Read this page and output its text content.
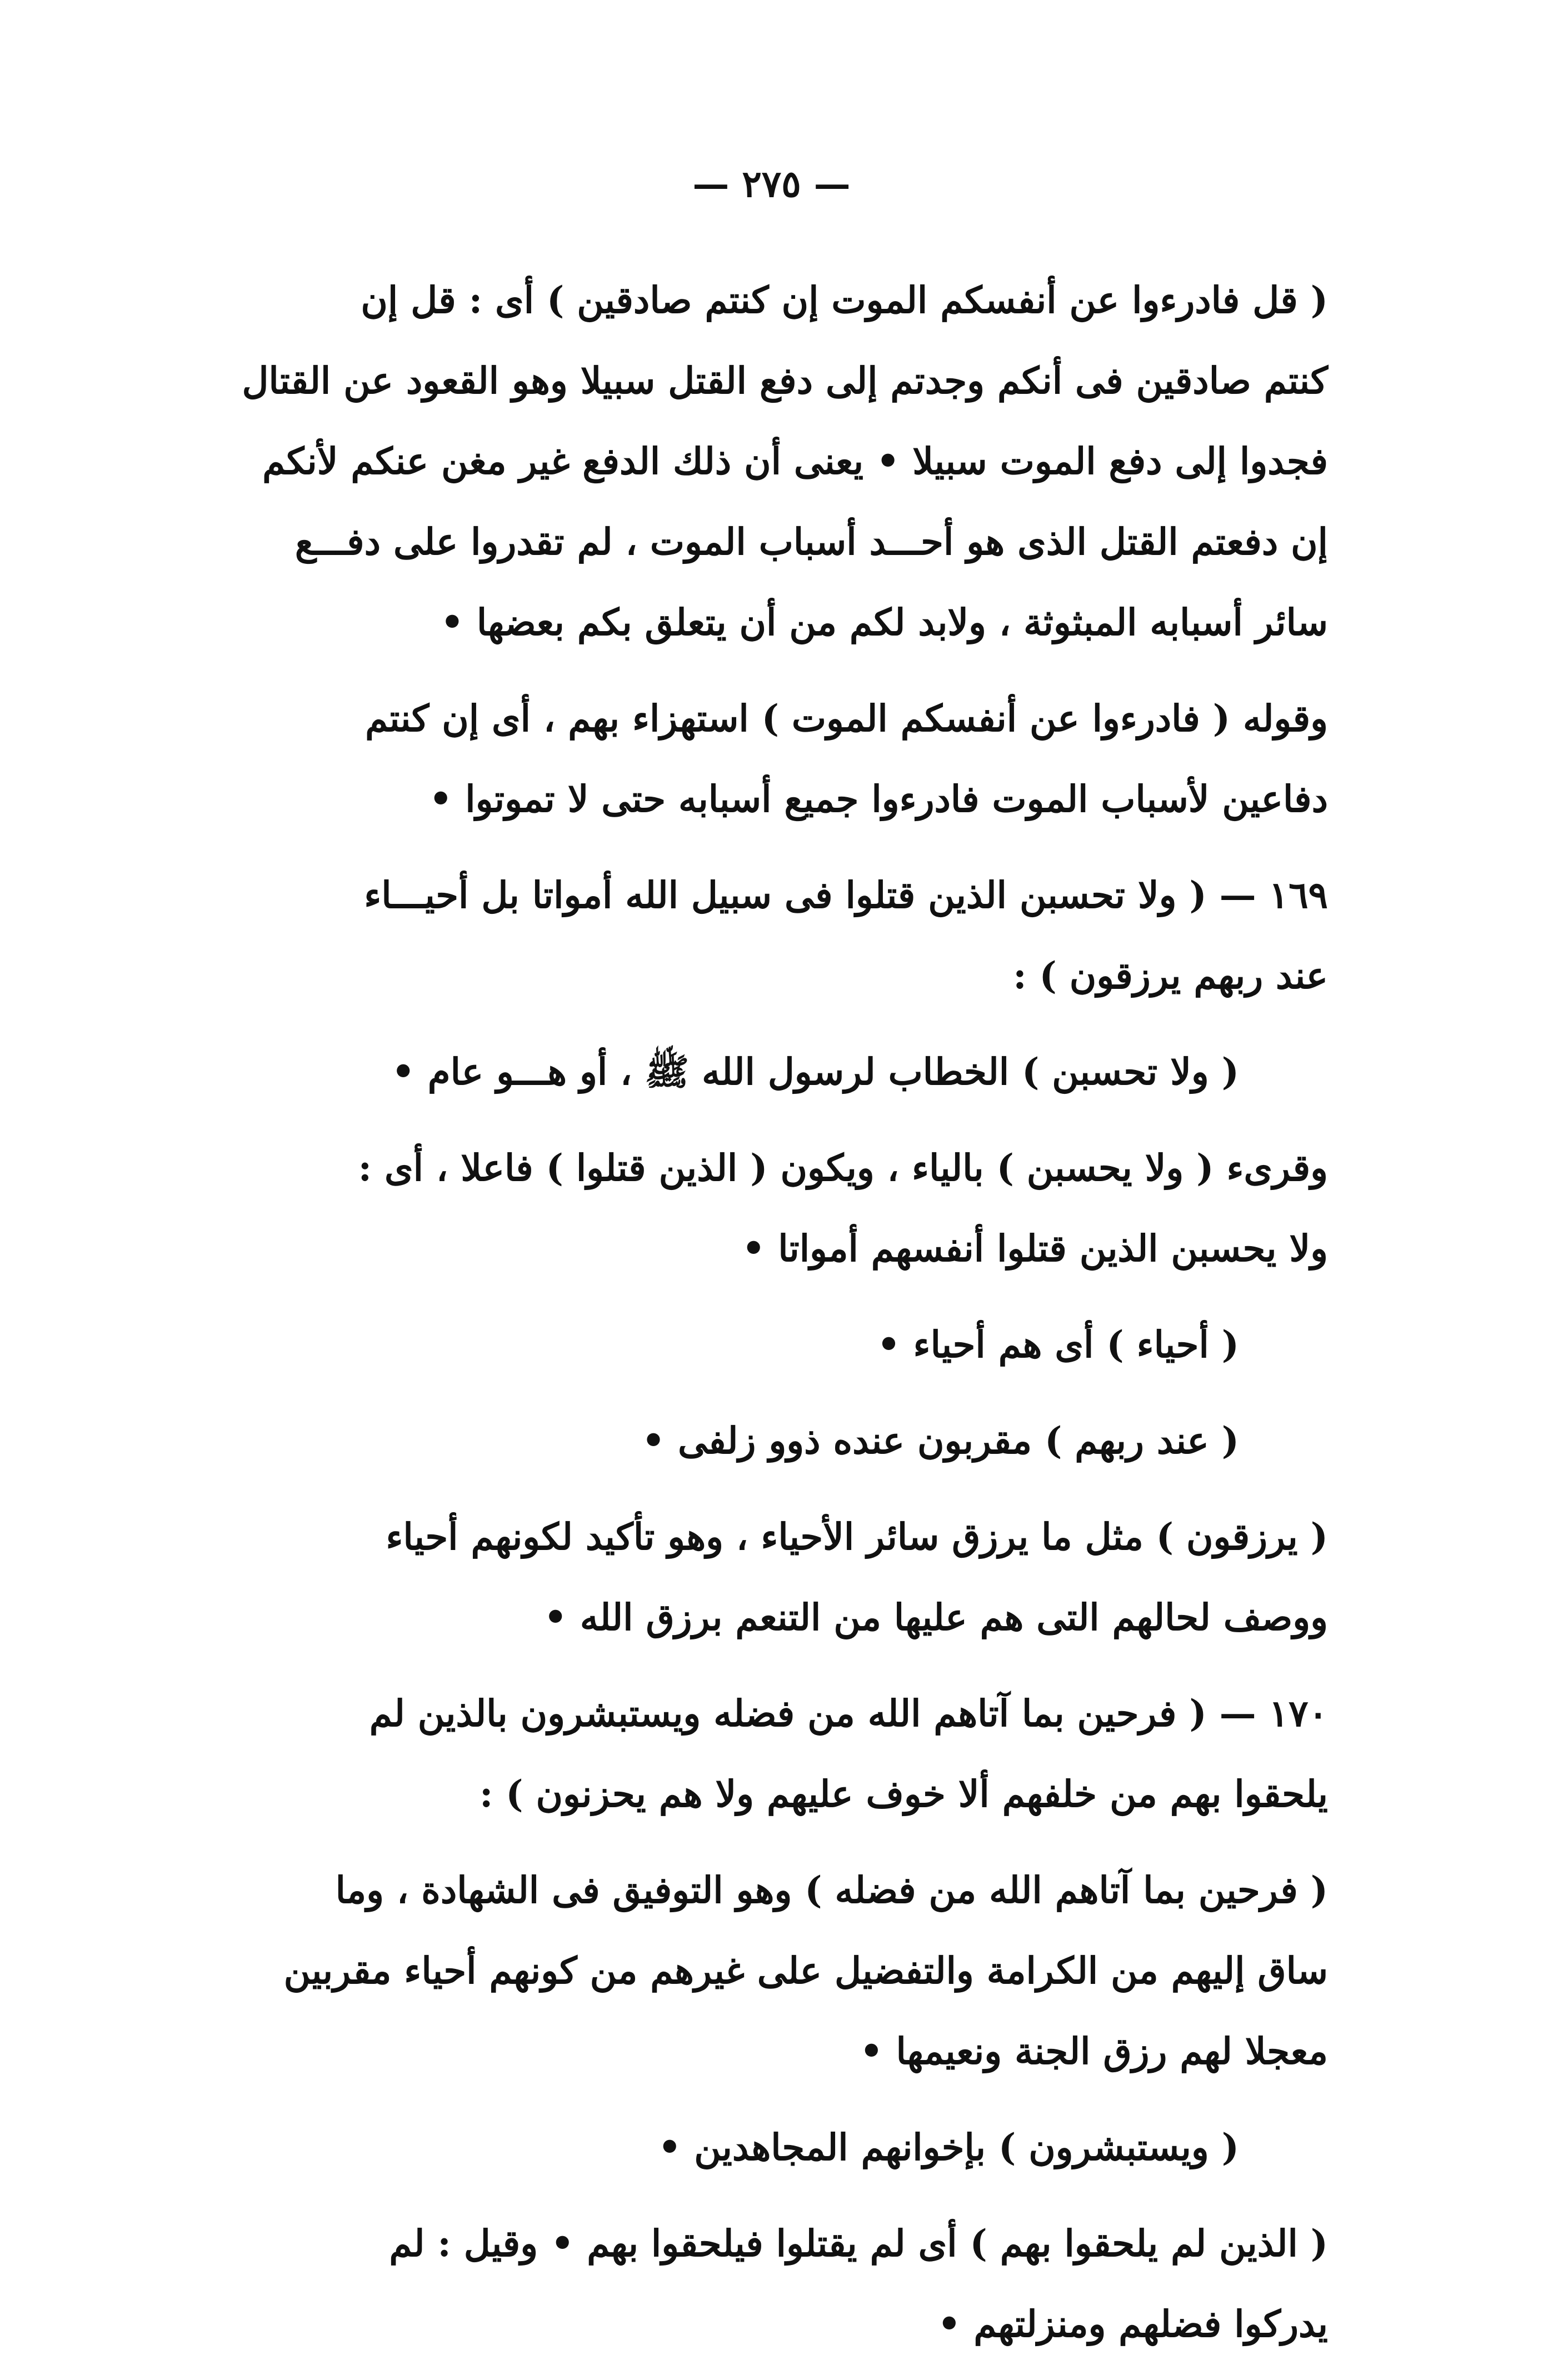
— ٢٧٥ —

( قل فادرءوا عن أنفسكم الموت إن كنتم صادقين ) أى : قل إن
كنتم صادقين فى أنكم وجدتم إلى دفع القتل سبيلا وهو القعود عن القتال
فجدوا إلى دفع الموت سبيلا • يعنى أن ذلك الدفع غير مغن عنكم لأنكم
إن دفعتم القتل الذى هو أحـــد أسباب الموت ، لم تقدروا على دفـــع
سائر أسبابه المبثوثة ، ولابد لكم من أن يتعلق بكم بعضها •

وقوله ( فادرءوا عن أنفسكم الموت ) استهزاء بهم ، أى إن كنتم
دفاعين لأسباب الموت فادرءوا جميع أسبابه حتى لا تموتوا •

١٦٩ — ( ولا تحسبن الذين قتلوا فى سبيل الله أمواتا بل أحيـــاء
عند ربهم يرزقون ) :

( ولا تحسبن ) الخطاب لرسول الله ﷺ ، أو هـــو عام •

وقرىء ( ولا يحسبن ) بالياء ، ويكون ( الذين قتلوا ) فاعلا ، أى :
ولا يحسبن الذين قتلوا أنفسهم أمواتا •

( أحياء ) أى هم أحياء •

( عند ربهم ) مقربون عنده ذوو زلفى •

( يرزقون ) مثل ما يرزق سائر الأحياء ، وهو تأكيد لكونهم أحياء
ووصف لحالهم التى هم عليها من التنعم برزق الله •

١٧٠ — ( فرحين بما آتاهم الله من فضله ويستبشرون بالذين لم
يلحقوا بهم من خلفهم ألا خوف عليهم ولا هم يحزنون ) :

( فرحين بما آتاهم الله من فضله ) وهو التوفيق فى الشهادة ، وما
ساق إليهم من الكرامة والتفضيل على غيرهم من كونهم أحياء مقربين
معجلا لهم رزق الجنة ونعيمها •

( ويستبشرون ) بإخوانهم المجاهدين •

( الذين لم يلحقوا بهم ) أى لم يقتلوا فيلحقوا بهم • وقيل : لم
يدركوا فضلهم ومنزلتهم •
